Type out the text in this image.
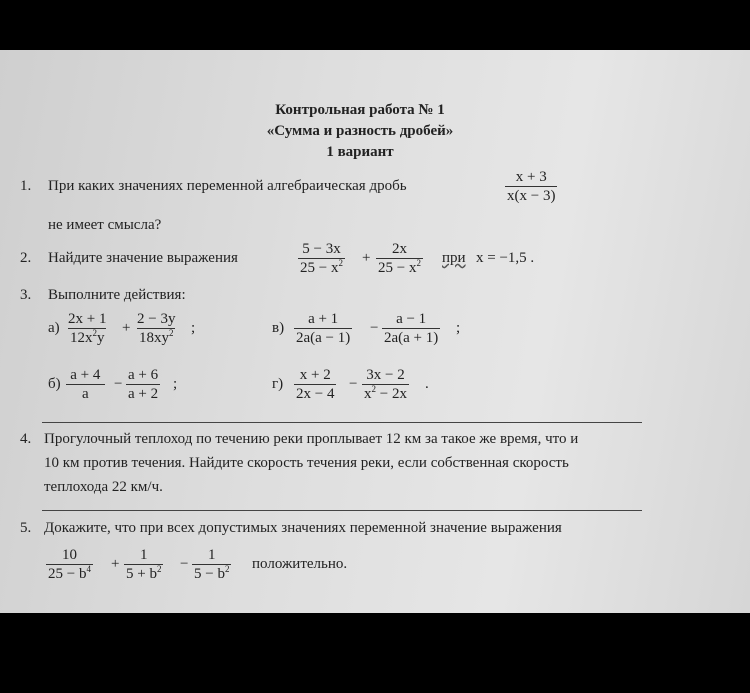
Контрольная работа № 1
«Сумма и разность дробей»
1 вариант
1. При каких значениях переменной алгебраическая дробь	$\frac{x + 3}{x(x - 3)}$
не имеет смысла?
2. Найдите значение выражения	$\frac{5 - 3x}{25 - x^2} + \frac{2x}{25 - x^2}$ при x = −1,5 .
3. Выполните действия:
$а) \frac{2x + 1}{12x^2y} + \frac{2 - 3y}{18xy^2}$ ;	$в) \frac{a + 1}{2a(a - 1)} - \frac{a - 1}{2a(a + 1)}$ ;
$б) \frac{a + 4}{a} - \frac{a + 6}{a + 2}$ ;	$г) \frac{x + 2}{2x - 4} - \frac{3x - 2}{x^2 - 2x}$ .
4. Прогулочный теплоход по течению реки проплывает 12 км за такое же время, что и
10 км против течения. Найдите скорость течения реки, если собственная скорость
теплохода 22 км/ч.
5. Докажите, что при всех допустимых значениях переменной значение выражения
$\frac{10}{25 - b^4} + \frac{1}{5 + b^2} - \frac{1}{5 - b^2}$ положительно.
